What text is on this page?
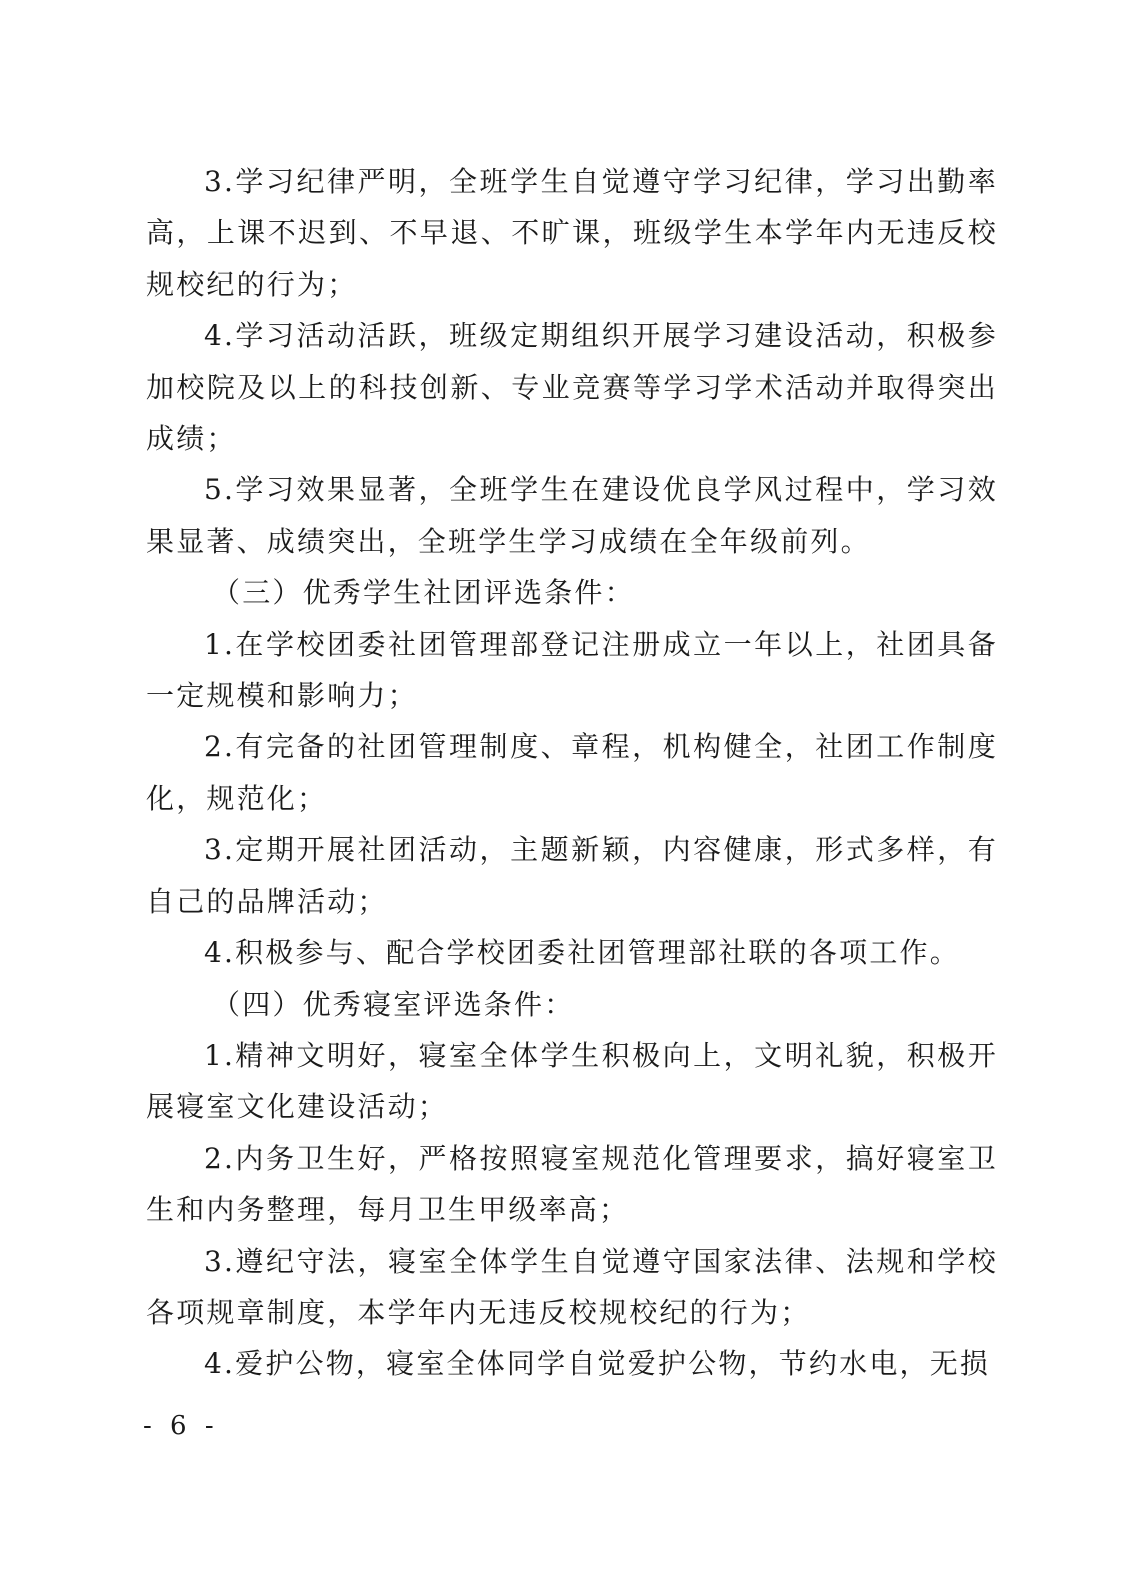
3.学习纪律严明，全班学生自觉遵守学习纪律，学习出勤率高，上课不迟到、不早退、不旷课，班级学生本学年内无违反校规校纪的行为；

4.学习活动活跃，班级定期组织开展学习建设活动，积极参加校院及以上的科技创新、专业竞赛等学习学术活动并取得突出成绩；

5.学习效果显著，全班学生在建设优良学风过程中，学习效果显著、成绩突出，全班学生学习成绩在全年级前列。

（三）优秀学生社团评选条件：

1.在学校团委社团管理部登记注册成立一年以上，社团具备一定规模和影响力；

2.有完备的社团管理制度、章程，机构健全，社团工作制度化，规范化；

3.定期开展社团活动，主题新颖，内容健康，形式多样，有自己的品牌活动；

4.积极参与、配合学校团委社团管理部社联的各项工作。

（四）优秀寝室评选条件：

1.精神文明好，寝室全体学生积极向上，文明礼貌，积极开展寝室文化建设活动；

2.内务卫生好，严格按照寝室规范化管理要求，搞好寝室卫生和内务整理，每月卫生甲级率高；

3.遵纪守法，寝室全体学生自觉遵守国家法律、法规和学校各项规章制度，本学年内无违反校规校纪的行为；

4.爱护公物，寝室全体同学自觉爱护公物，节约水电，无损

- 6 -
